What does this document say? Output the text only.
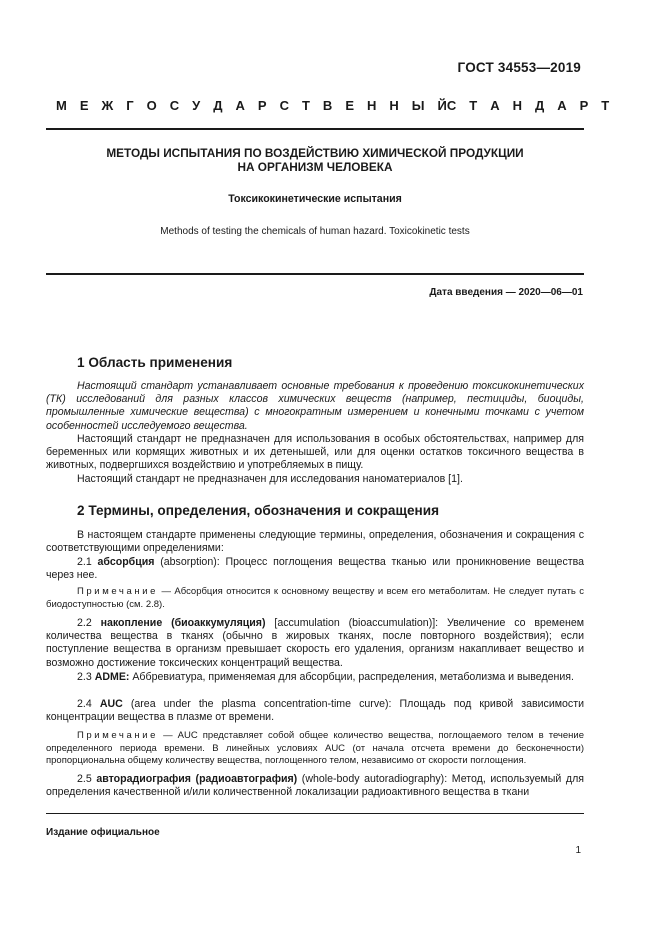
ГОСТ 34553—2019
М Е Ж Г О С У Д А Р С Т В Е Н Н Ы Й С Т А Н Д А Р Т
МЕТОДЫ ИСПЫТАНИЯ ПО ВОЗДЕЙСТВИЮ ХИМИЧЕСКОЙ ПРОДУКЦИИ
НА ОРГАНИЗМ ЧЕЛОВЕКА
Токсикокинетические испытания
Methods of testing the chemicals of human hazard. Toxicokinetic tests
Дата введения — 2020—06—01
1 Область применения

Настоящий стандарт устанавливает основные требования к проведению токсикокинетических (ТК) исследований для разных классов химических веществ (например, пестициды, биоциды, промышленные химические вещества) с многократным измерением и конечными точками с учетом особенностей исследуемого вещества.

Настоящий стандарт не предназначен для использования в особых обстоятельствах, например для беременных или кормящих животных и их детенышей, или для оценки остатков токсичного вещества в животных, подвергшихся воздействию и употребляемых в пищу.

Настоящий стандарт не предназначен для исследования наноматериалов [1].

2 Термины, определения, обозначения и сокращения

В настоящем стандарте применены следующие термины, определения, обозначения и сокращения с соответствующими определениями:

2.1 абсорбция (absorption): Процесс поглощения вещества тканью или проникновение вещества через нее.

Примечание — Абсорбция относится к основному веществу и всем его метаболитам. Не следует путать с биодоступностью (см. 2.8).

2.2 накопление (биоаккумуляция) [accumulation (bioaccumulation)]: Увеличение со временем количества вещества в тканях (обычно в жировых тканях, после повторного воздействия); если поступление вещества в организм превышает скорость его удаления, организм накапливает вещество и возможно достижение токсических концентраций вещества.

2.3 ADME: Аббревиатура, применяемая для абсорбции, распределения, метаболизма и выведения.

2.4 AUC (area under the plasma concentration-time curve): Площадь под кривой зависимости концентрации вещества в плазме от времени.

Примечание — AUC представляет собой общее количество вещества, поглощаемого телом в течение определенного периода времени. В линейных условиях AUC (от начала отсчета времени до бесконечности) пропорциональна общему количеству вещества, поглощенного телом, независимо от скорости поглощения.

2.5 авторадиография (радиоавтография) (whole-body autoradiography): Метод, используемый для определения качественной и/или количественной локализации радиоактивного вещества в ткани

Издание официальное
1
